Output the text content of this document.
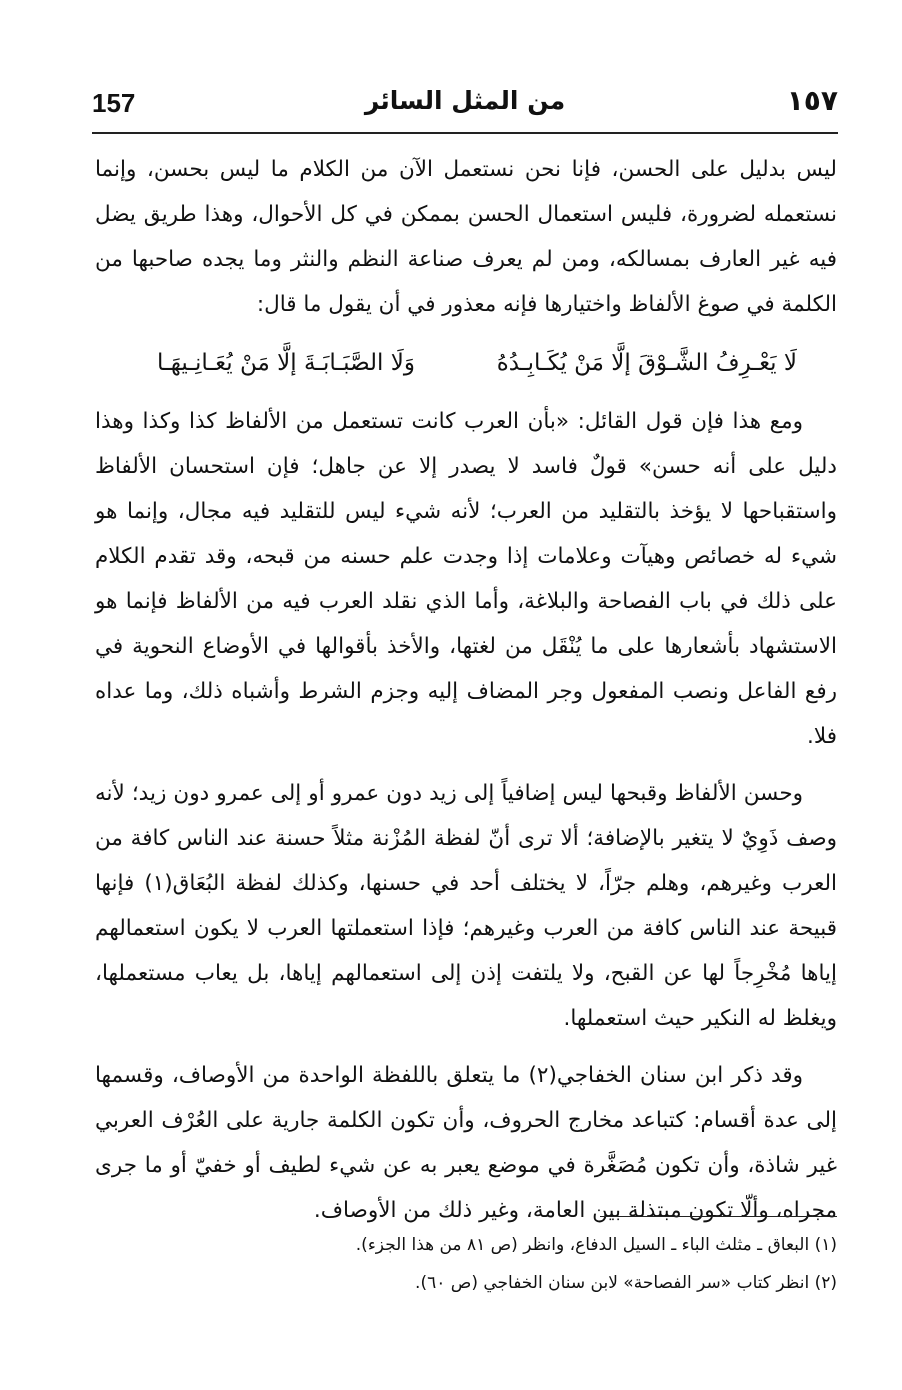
157	من المثل السائر	١٥٧

ليس بدليل على الحسن، فإنا نحن نستعمل الآن من الكلام ما ليس بحسن، وإنما نستعمله لضرورة، فليس استعمال الحسن بممكن في كل الأحوال، وهذا طريق يضل فيه غير العارف بمسالكه، ومن لم يعرف صناعة النظم والنثر وما يجده صاحبها من الكلمة في صوغ الألفاظ واختيارها فإنه معذور في أن يقول ما قال:

لَا يَعْـرِفُ الشَّـوْقَ إلَّا مَنْ يُكَـابِـدُهُ
وَلَا الصَّبَـابَـةَ إلَّا مَنْ يُعَـانِـيهَـا

ومع هذا فإن قول القائل: «بأن العرب كانت تستعمل من الألفاظ كذا وكذا وهذا دليل على أنه حسن» قولٌ فاسد لا يصدر إلا عن جاهل؛ فإن استحسان الألفاظ واستقباحها لا يؤخذ بالتقليد من العرب؛ لأنه شيء ليس للتقليد فيه مجال، وإنما هو شيء له خصائص وهيآت وعلامات إذا وجدت علم حسنه من قبحه، وقد تقدم الكلام على ذلك في باب الفصاحة والبلاغة، وأما الذي نقلد العرب فيه من الألفاظ فإنما هو الاستشهاد بأشعارها على ما يُنْقَل من لغتها، والأخذ بأقوالها في الأوضاع النحوية في رفع الفاعل ونصب المفعول وجر المضاف إليه وجزم الشرط وأشباه ذلك، وما عداه فلا.

وحسن الألفاظ وقبحها ليس إضافياً إلى زيد دون عمرو أو إلى عمرو دون زيد؛ لأنه وصف ذَوِيٌ لا يتغير بالإضافة؛ ألا ترى أنّ لفظة المُزْنة مثلاً حسنة عند الناس كافة من العرب وغيرهم، وهلم جرّاً، لا يختلف أحد في حسنها، وكذلك لفظة البُعَاق(١) فإنها قبيحة عند الناس كافة من العرب وغيرهم؛ فإذا استعملتها العرب لا يكون استعمالهم إياها مُخْرِجاً لها عن القبح، ولا يلتفت إذن إلى استعمالهم إياها، بل يعاب مستعملها، ويغلظ له النكير حيث استعملها.

وقد ذكر ابن سنان الخفاجي(٢) ما يتعلق باللفظة الواحدة من الأوصاف، وقسمها إلى عدة أقسام: كتباعد مخارج الحروف، وأن تكون الكلمة جارية على العُرْف العربي غير شاذة، وأن تكون مُصَغَّرة في موضع يعبر به عن شيء لطيف أو خفيّ أو ما جرى مجراه، وألّا تكون مبتذلة بين العامة، وغير ذلك من الأوصاف.

(١) البعاق ـ مثلث الباء ـ السيل الدفاع، وانظر (ص ٨١ من هذا الجزء).
(٢) انظر كتاب «سر الفصاحة» لابن سنان الخفاجي (ص ٦٠).
